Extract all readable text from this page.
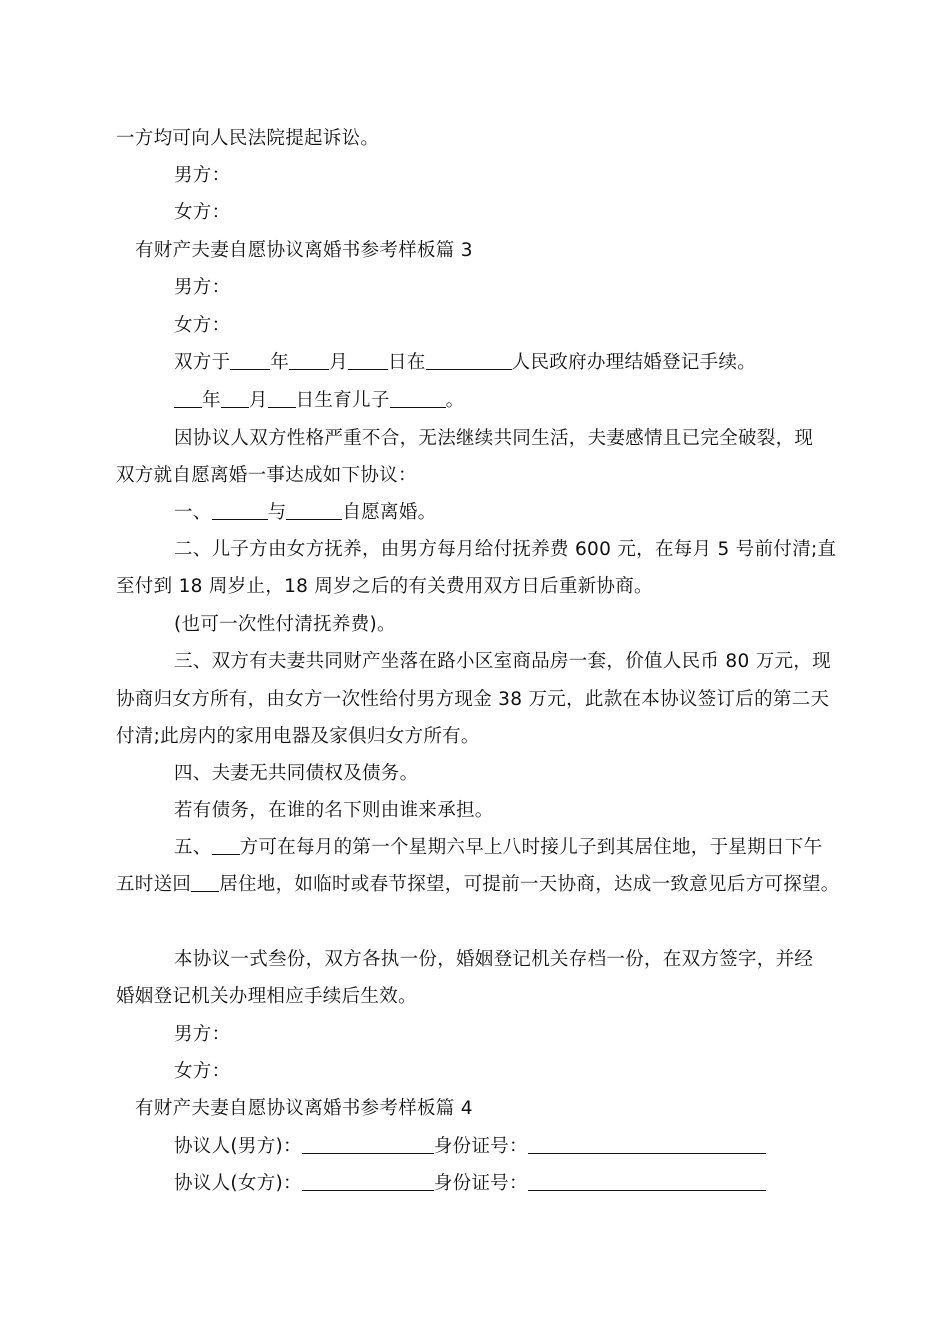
一方均可向人民法院提起诉讼。
男方：
女方：
有财产夫妻自愿协议离婚书参考样板篇 3
男方：
女方：
双方于 年 月 日在	人民政府办理结婚登记手续。
年 月 日生育儿子	。
因协议人双方性格严重不合，无法继续共同生活，夫妻感情且已完全破裂，现
双方就自愿离婚一事达成如下协议：
一、	与	自愿离婚。
二、儿子方由女方抚养，由男方每月给付抚养费 600 元，在每月 5 号前付清;直
至付到 18 周岁止，18 周岁之后的有关费用双方日后重新协商。
(也可一次性付清抚养费)。
三、双方有夫妻共同财产坐落在路小区室商品房一套，价值人民币 80 万元，现
协商归女方所有，由女方一次性给付男方现金 38 万元，此款在本协议签订后的第二天
付清;此房内的家用电器及家俱归女方所有。
四、夫妻无共同债权及债务。
若有债务，在谁的名下则由谁来承担。
五、 方可在每月的第一个星期六早上八时接儿子到其居住地，于星期日下午
五时送回 居住地，如临时或春节探望，可提前一天协商，达成一致意见后方可探望。
本协议一式叁份，双方各执一份，婚姻登记机关存档一份，在双方签字，并经
婚姻登记机关办理相应手续后生效。
男方：
女方：
有财产夫妻自愿协议离婚书参考样板篇 4
协议人(男方)：	身份证号：
协议人(女方)：	身份证号：
